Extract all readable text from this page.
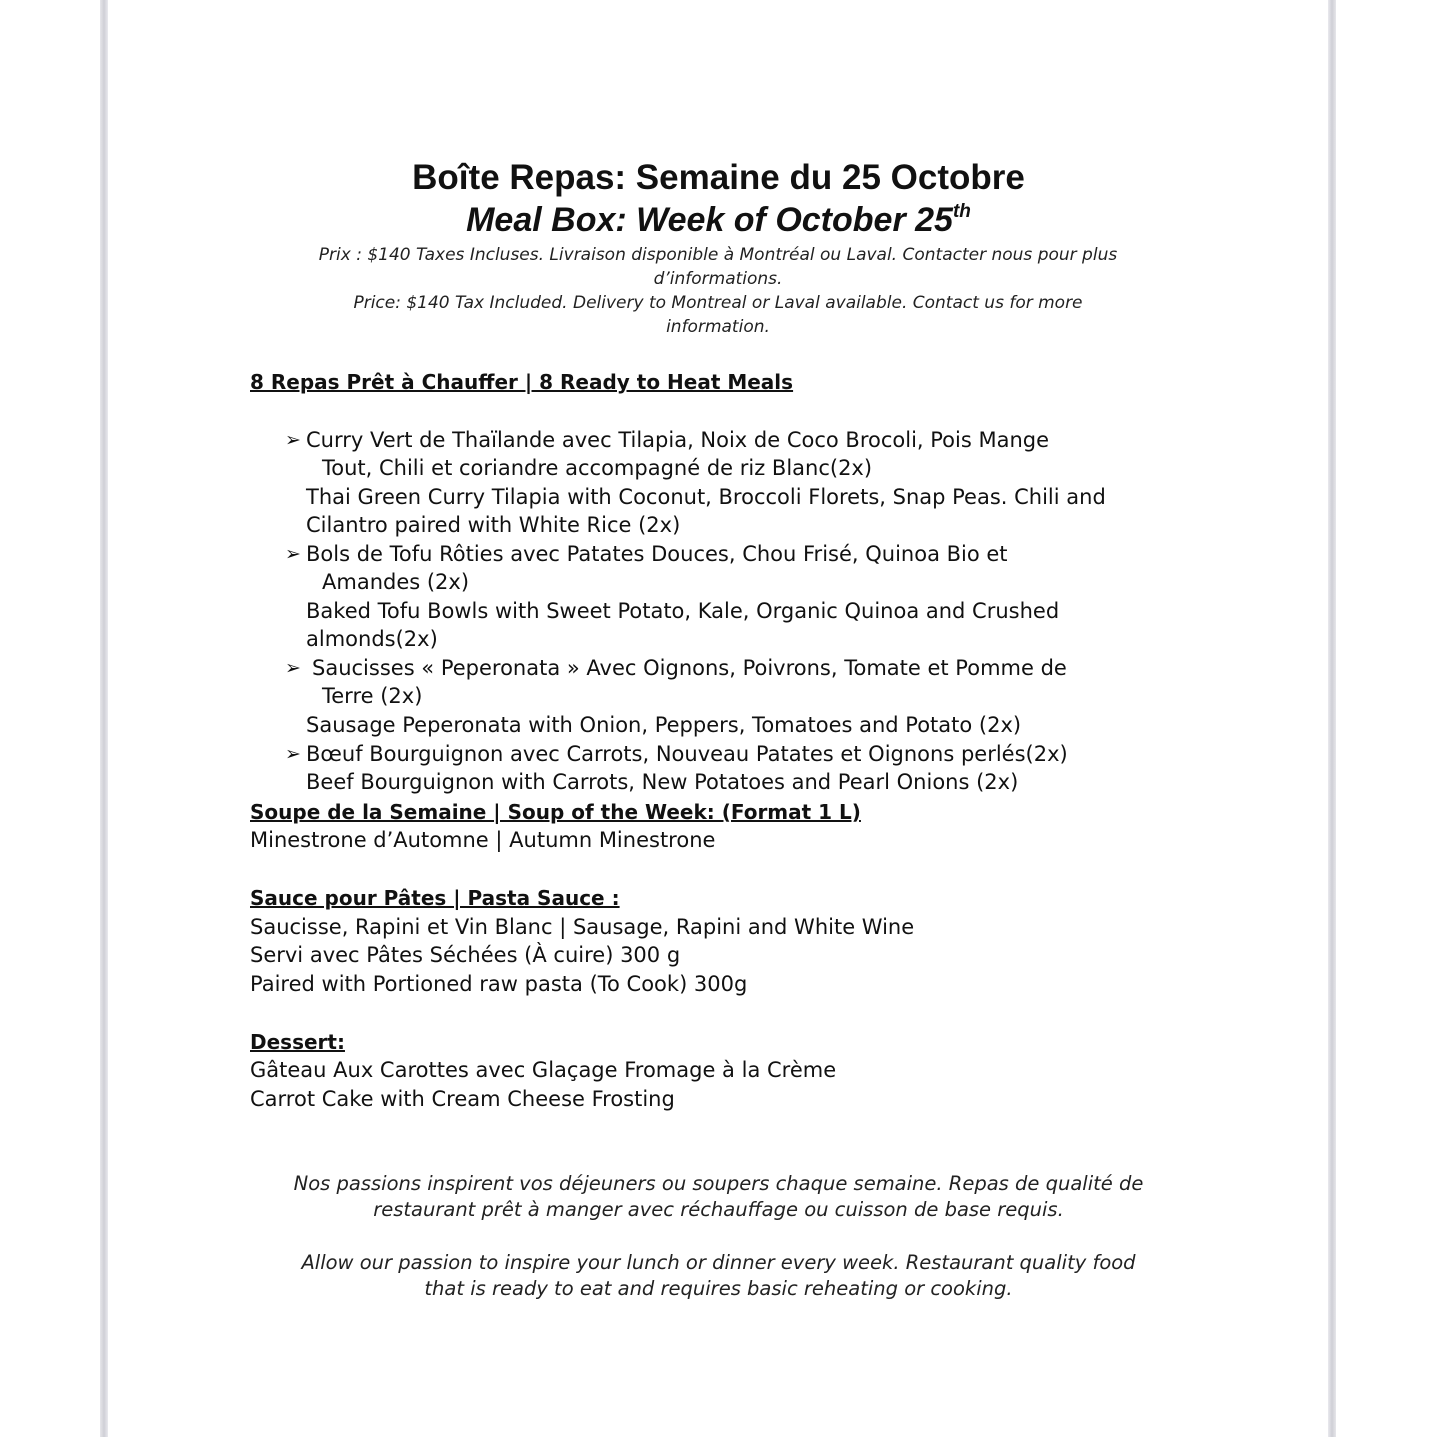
Boîte Repas: Semaine du 25 Octobre
Meal Box: Week of October 25th
Prix : $140 Taxes Incluses. Livraison disponible à Montréal ou Laval. Contacter nous pour plus
d’informations.
Price: $140 Tax Included. Delivery to Montreal or Laval available. Contact us for more
information.
8 Repas Prêt à Chauffer | 8 Ready to Heat Meals
➢ Curry Vert de Thaïlande avec Tilapia, Noix de Coco Brocoli, Pois Mange
Tout, Chili et coriandre accompagné de riz Blanc(2x)
Thai Green Curry Tilapia with Coconut, Broccoli Florets, Snap Peas. Chili and
Cilantro paired with White Rice (2x)
➢ Bols de Tofu Rôties avec Patates Douces, Chou Frisé, Quinoa Bio et
Amandes (2x)
Baked Tofu Bowls with Sweet Potato, Kale, Organic Quinoa and Crushed
almonds(2x)
➢ Saucisses « Peperonata » Avec Oignons, Poivrons, Tomate et Pomme de
Terre (2x)
Sausage Peperonata with Onion, Peppers, Tomatoes and Potato (2x)
➢ Bœuf Bourguignon avec Carrots, Nouveau Patates et Oignons perlés(2x)
Beef Bourguignon with Carrots, New Potatoes and Pearl Onions (2x)
Soupe de la Semaine | Soup of the Week: (Format 1 L)
Minestrone d’Automne | Autumn Minestrone
Sauce pour Pâtes | Pasta Sauce :
Saucisse, Rapini et Vin Blanc | Sausage, Rapini and White Wine
Servi avec Pâtes Séchées (À cuire) 300 g
Paired with Portioned raw pasta (To Cook) 300g
Dessert:
Gâteau Aux Carottes avec Glaçage Fromage à la Crème
Carrot Cake with Cream Cheese Frosting
Nos passions inspirent vos déjeuners ou soupers chaque semaine. Repas de qualité de
restaurant prêt à manger avec réchauffage ou cuisson de base requis.
Allow our passion to inspire your lunch or dinner every week. Restaurant quality food
that is ready to eat and requires basic reheating or cooking.
